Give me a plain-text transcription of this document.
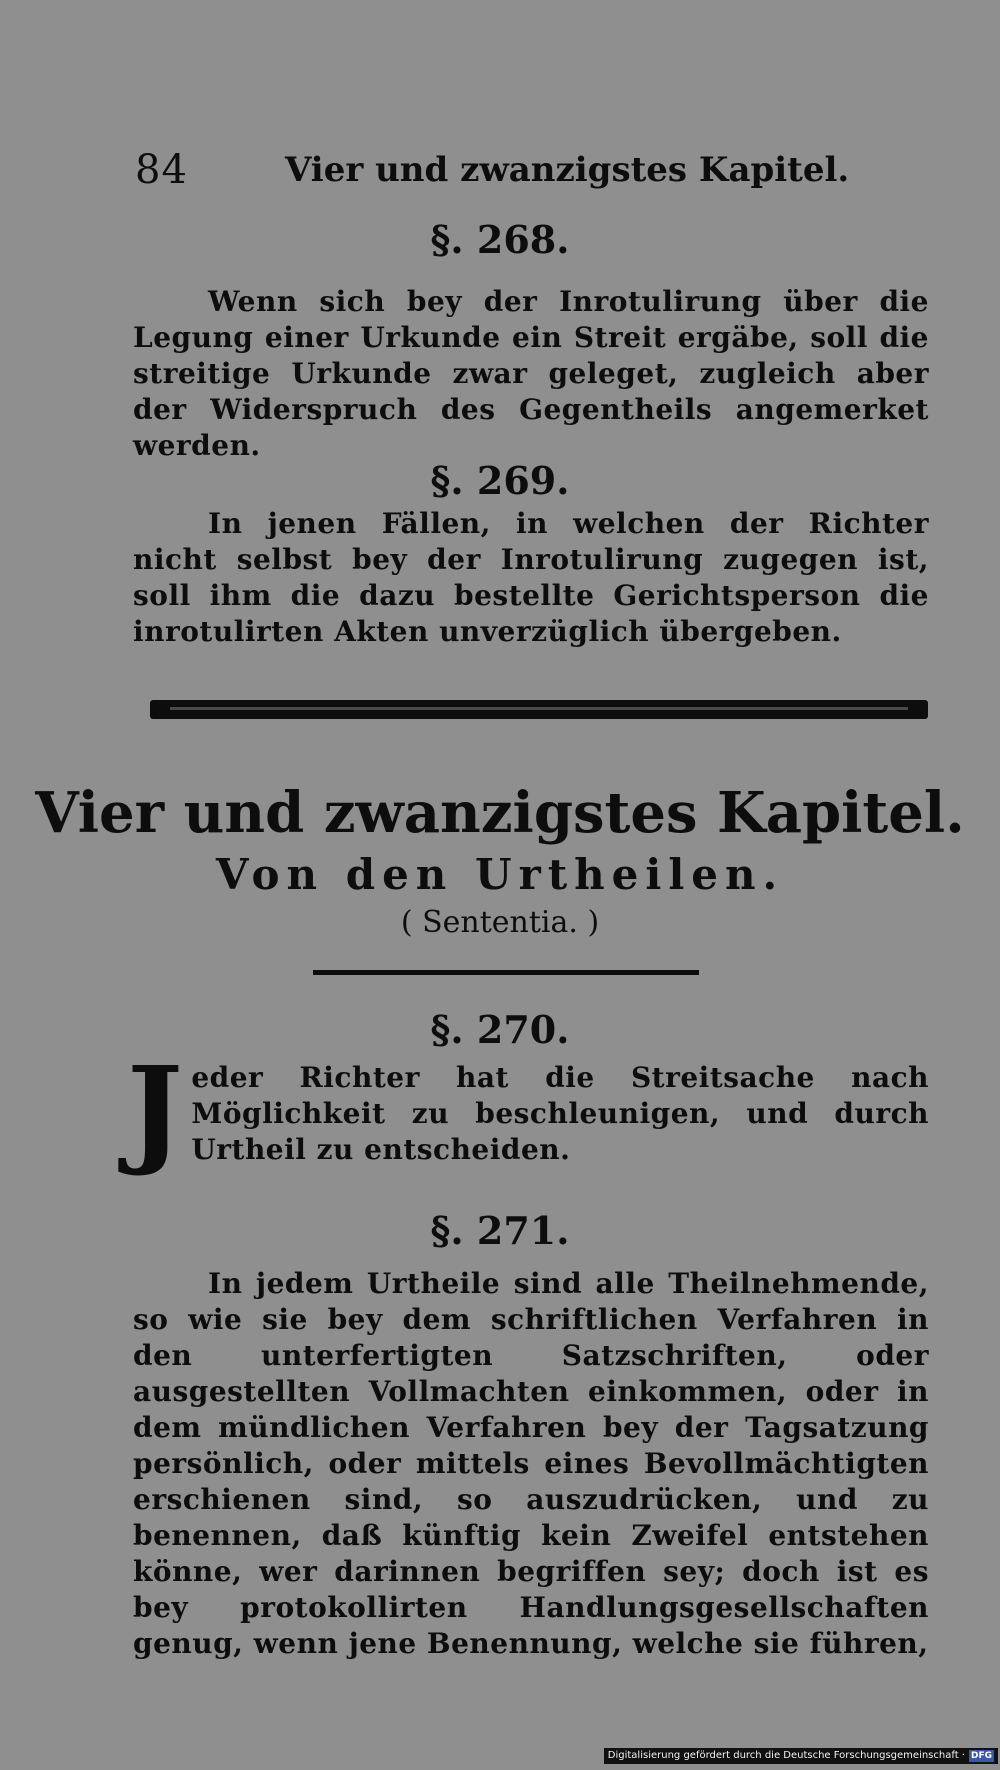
84	Vier und zwanzigstes Kapitel.
§. 268.
Wenn sich bey der Inrotulirung über die Legung einer Urkunde ein Streit ergäbe, soll die streitige Urkunde zwar geleget, zugleich aber der Widerspruch des Gegentheils angemerket werden.
§. 269.
In jenen Fällen, in welchen der Richter nicht selbst bey der Inrotulirung zugegen ist, soll ihm die dazu bestellte Gerichtsperson die inrotulirten Akten unverzüglich übergeben.
Vier und zwanzigstes Kapitel.
Von den Urtheilen.
( Sententia. )
§. 270.
Jeder Richter hat die Streitsache nach Möglichkeit zu beschleunigen, und durch Urtheil zu entscheiden.
§. 271.
In jedem Urtheile sind alle Theilnehmende, so wie sie bey dem schriftlichen Verfahren in den unterfertigten Satzschriften, oder ausgestellten Vollmachten einkommen, oder in dem mündlichen Verfahren bey der Tagsatzung persönlich, oder mittels eines Bevollmächtigten erschienen sind, so auszudrücken, und zu benennen, daß künftig kein Zweifel entstehen könne, wer darinnen begriffen sey; doch ist es bey protokollirten Handlungsgesellschaften genug, wenn jene Benennung, welche sie führen,
Digitalisierung gefördert durch die Deutsche Forschungsgemeinschaft · DFG
